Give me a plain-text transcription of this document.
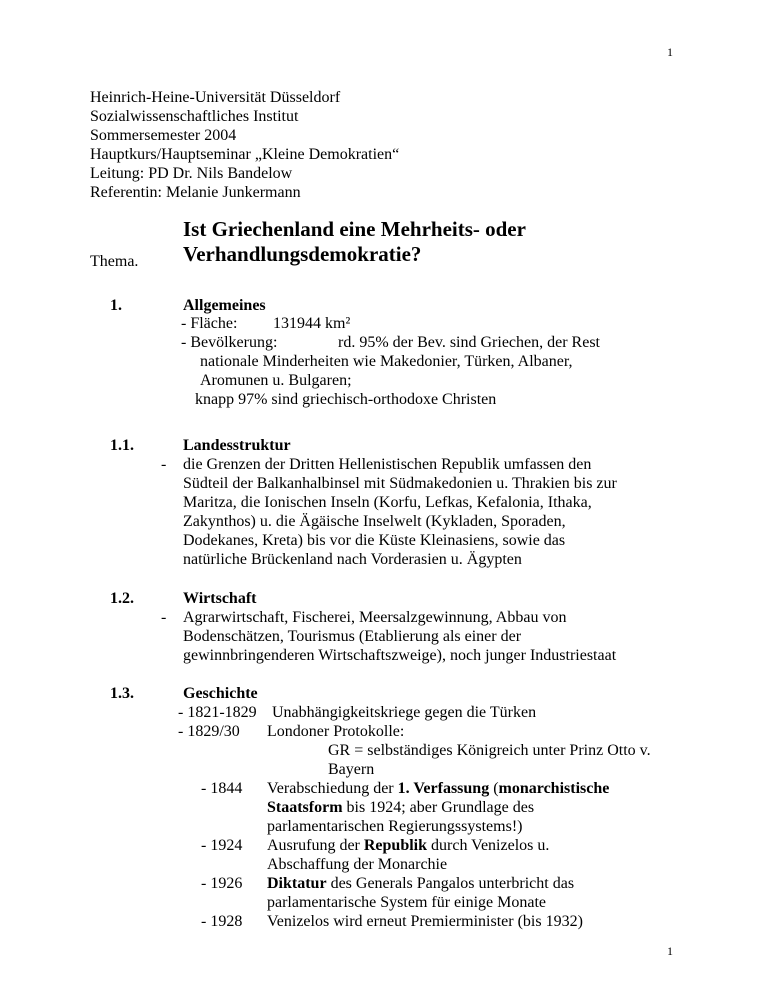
1
1
Heinrich-Heine-Universität Düsseldorf
Sozialwissenschaftliches Institut
Sommersemester 2004
Hauptkurs/Hauptseminar „Kleine Demokratien“
Leitung: PD Dr. Nils Bandelow
Referentin: Melanie Junkermann
Thema.
Ist Griechenland eine Mehrheits- oder
Verhandlungsdemokratie?
1.	Allgemeines
- Fläche: 131944 km²
- Bevölkerung:	rd. 95% der Bev. sind Griechen, der Rest
nationale Minderheiten wie Makedonier, Türken, Albaner,
Aromunen u. Bulgaren;
knapp 97% sind griechisch-orthodoxe Christen
1.1.	Landesstruktur
- die Grenzen der Dritten Hellenistischen Republik umfassen den
Südteil der Balkanhalbinsel mit Südmakedonien u. Thrakien bis zur
Maritza, die Ionischen Inseln (Korfu, Lefkas, Kefalonia, Ithaka,
Zakynthos) u. die Ägäische Inselwelt (Kykladen, Sporaden,
Dodekanes, Kreta) bis vor die Küste Kleinasiens, sowie das
natürliche Brückenland nach Vorderasien u. Ägypten
1.2.	Wirtschaft
- Agrarwirtschaft, Fischerei, Meersalzgewinnung, Abbau von
Bodenschätzen, Tourismus (Etablierung als einer der
gewinnbringenderen Wirtschaftszweige), noch junger Industriestaat
1.3.	Geschichte
- 1821-1829 Unabhängigkeitskriege gegen die Türken
- 1829/30 Londoner Protokolle:
GR = selbständiges Königreich unter Prinz Otto v.
Bayern
- 1844 Verabschiedung der 1. Verfassung (monarchistische
Staatsform bis 1924; aber Grundlage des
parlamentarischen Regierungssystems!)
- 1924 Ausrufung der Republik durch Venizelos u.
Abschaffung der Monarchie
- 1926 Diktatur des Generals Pangalos unterbricht das
parlamentarische System für einige Monate
- 1928 Venizelos wird erneut Premierminister (bis 1932)
